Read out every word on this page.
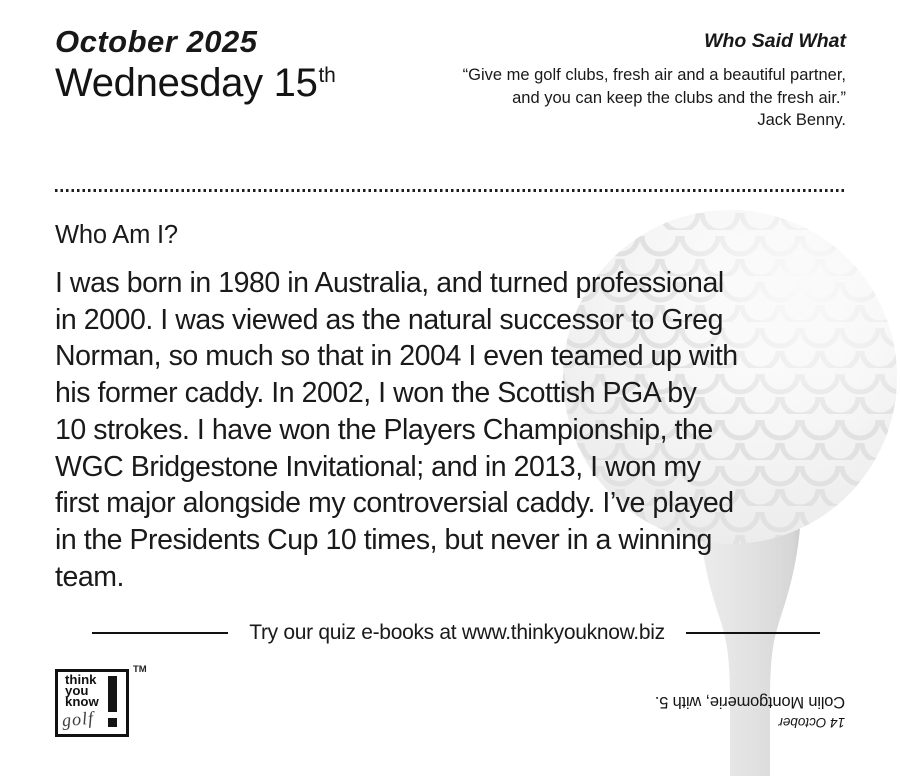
October 2025
Wednesday 15th
Who Said What
“Give me golf clubs, fresh air and a beautiful partner,
and you can keep the clubs and the fresh air.”
Jack Benny.
Who Am I?
I was born in 1980 in Australia, and turned professional
in 2000. I was viewed as the natural successor to Greg
Norman, so much so that in 2004 I even teamed up with
his former caddy. In 2002, I won the Scottish PGA by
10 strokes. I have won the Players Championship, the
WGC Bridgestone Invitational; and in 2013, I won my
first major alongside my controversial caddy. I’ve played
in the Presidents Cup 10 times, but never in a winning
team.
Try our quiz e-books at www.thinkyouknow.biz
think
you
know
golf
TM
14 October
Colin Montgomerie, with 5.
